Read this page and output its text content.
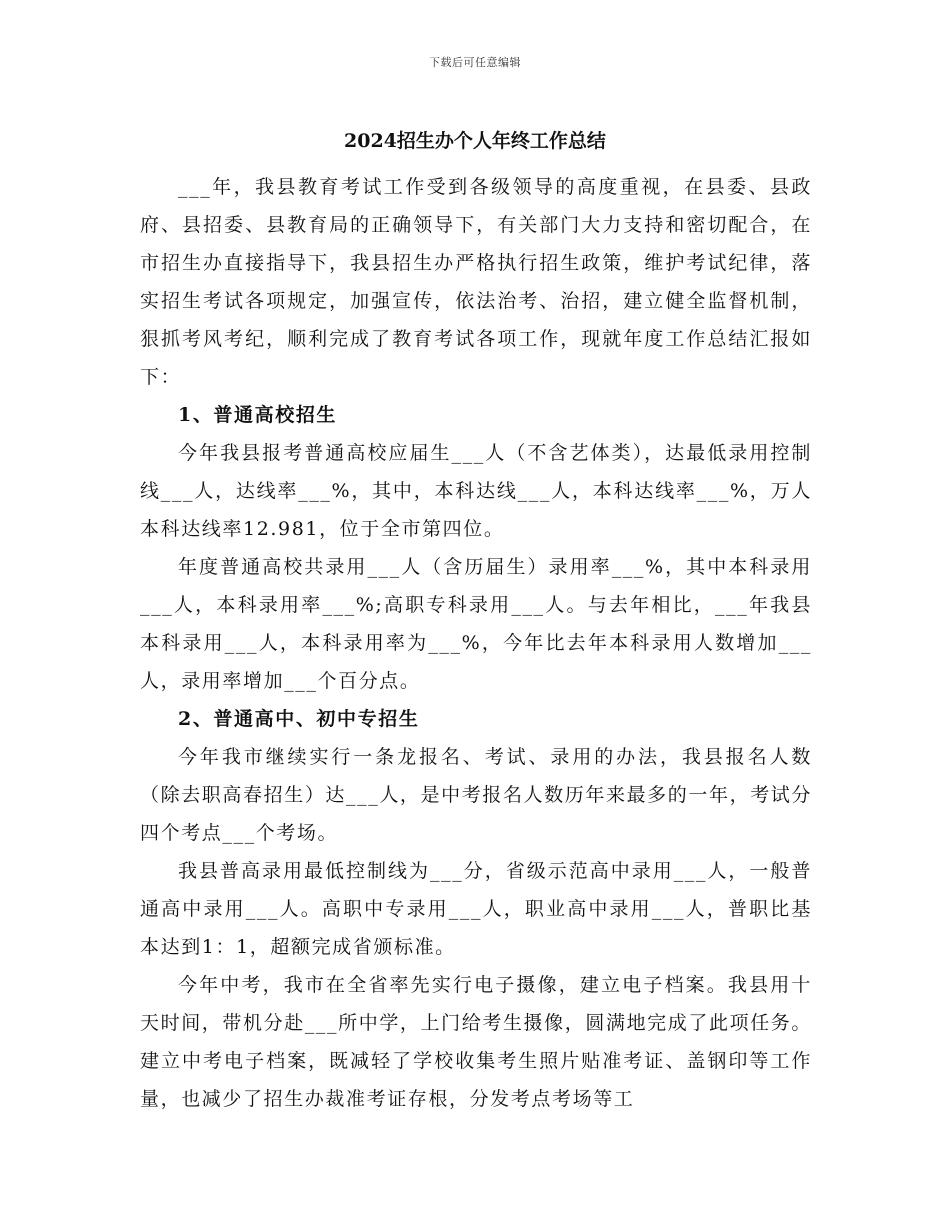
下载后可任意编辑
2024招生办个人年终工作总结

___年，我县教育考试工作受到各级领导的高度重视，在县委、县政府、县招委、县教育局的正确领导下，有关部门大力支持和密切配合，在市招生办直接指导下，我县招生办严格执行招生政策，维护考试纪律，落实招生考试各项规定，加强宣传，依法治考、治招，建立健全监督机制，狠抓考风考纪，顺利完成了教育考试各项工作，现就年度工作总结汇报如下：

1、普通高校招生

今年我县报考普通高校应届生___人（不含艺体类），达最低录用控制线___人，达线率___%，其中，本科达线___人，本科达线率___%，万人本科达线率12.981，位于全市第四位。

年度普通高校共录用___人（含历届生）录用率___%，其中本科录用___人，本科录用率___%;高职专科录用___人。与去年相比，___年我县本科录用___人，本科录用率为___%，今年比去年本科录用人数增加___人，录用率增加___个百分点。

2、普通高中、初中专招生

今年我市继续实行一条龙报名、考试、录用的办法，我县报名人数（除去职高春招生）达___人，是中考报名人数历年来最多的一年，考试分四个考点___个考场。

我县普高录用最低控制线为___分，省级示范高中录用___人，一般普通高中录用___人。高职中专录用___人，职业高中录用___人，普职比基本达到1：1，超额完成省颁标准。

今年中考，我市在全省率先实行电子摄像，建立电子档案。我县用十天时间，带机分赴___所中学，上门给考生摄像，圆满地完成了此项任务。建立中考电子档案，既减轻了学校收集考生照片贴准考证、盖钢印等工作量，也减少了招生办裁准考证存根，分发考点考场等工
